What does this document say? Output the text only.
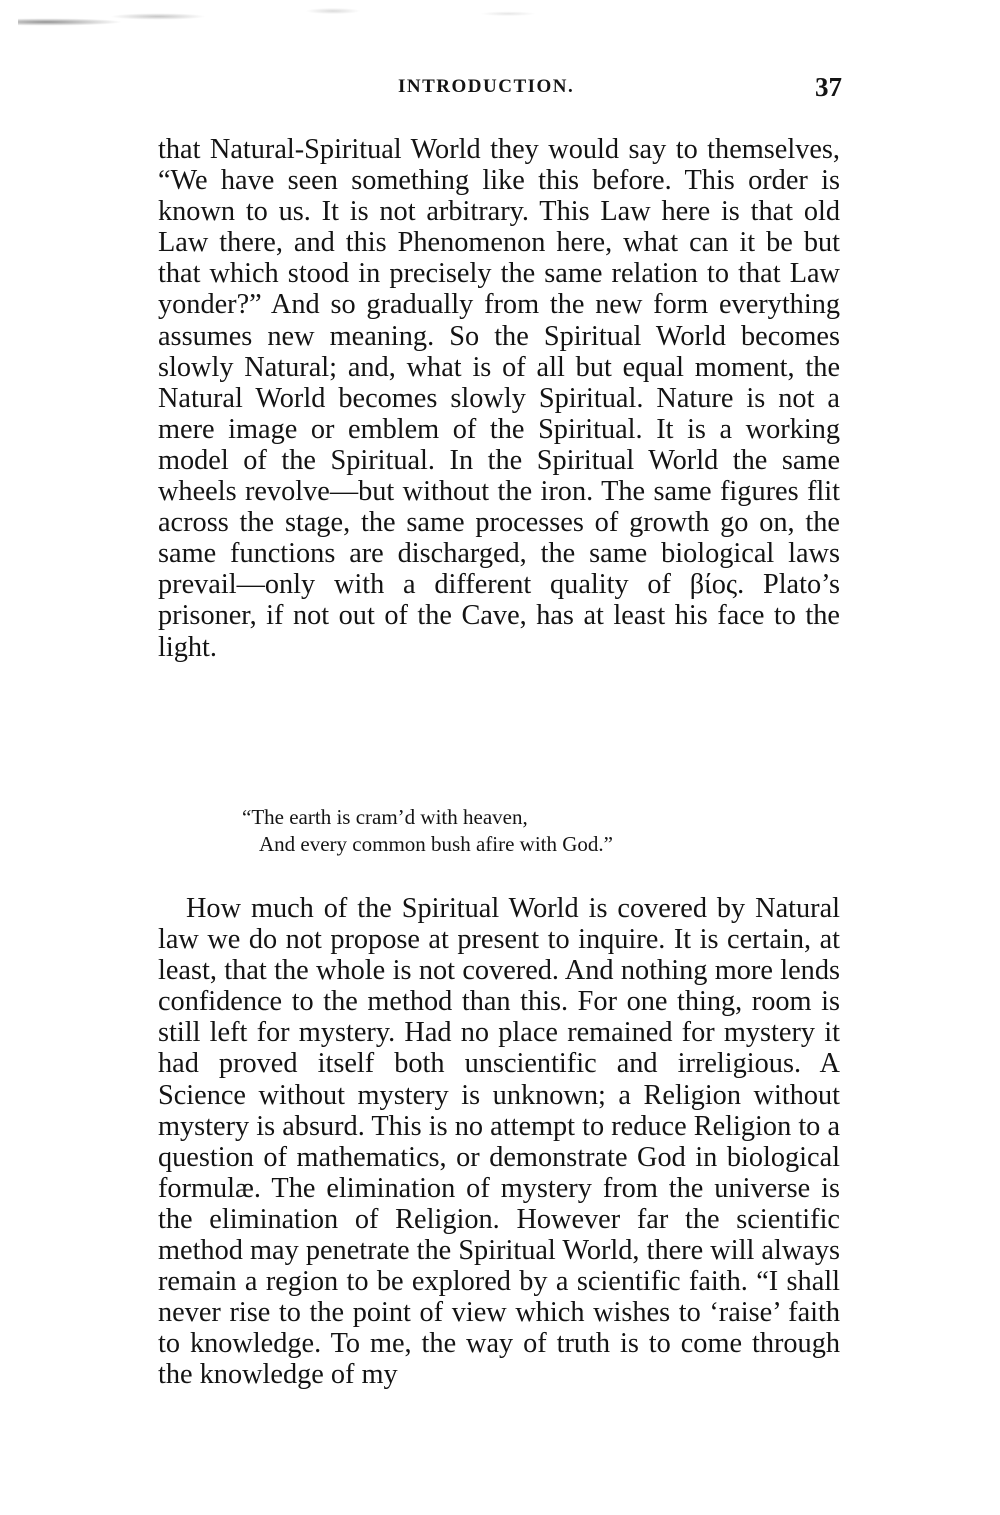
INTRODUCTION.	37

that Natural-Spiritual World they would say to themselves, “We have seen something like this before. This order is known to us. It is not arbitrary. This Law here is that old Law there, and this Phenomenon here, what can it be but that which stood in precisely the same relation to that Law yonder?” And so gradually from the new form everything assumes new meaning. So the Spiritual World becomes slowly Natural; and, what is of all but equal moment, the Natural World becomes slowly Spiritual. Nature is not a mere image or emblem of the Spiritual. It is a working model of the Spiritual. In the Spiritual World the same wheels revolve—but without the iron. The same figures flit across the stage, the same processes of growth go on, the same functions are discharged, the same biological laws prevail—only with a different quality of βίος. Plato’s prisoner, if not out of the Cave, has at least his face to the light.

“The earth is cram’d with heaven,
And every common bush afire with God.”

How much of the Spiritual World is covered by Natural law we do not propose at present to inquire. It is certain, at least, that the whole is not covered. And nothing more lends confidence to the method than this. For one thing, room is still left for mystery. Had no place remained for mystery it had proved itself both unscientific and irreligious. A Science without mystery is unknown; a Religion without mystery is absurd. This is no attempt to reduce Religion to a question of mathematics, or demonstrate God in biological formulæ. The elimination of mystery from the universe is the elimination of Religion. However far the scientific method may penetrate the Spiritual World, there will always remain a region to be explored by a scientific faith. “I shall never rise to the point of view which wishes to ‘raise’ faith to knowledge. To me, the way of truth is to come through the knowledge of my
